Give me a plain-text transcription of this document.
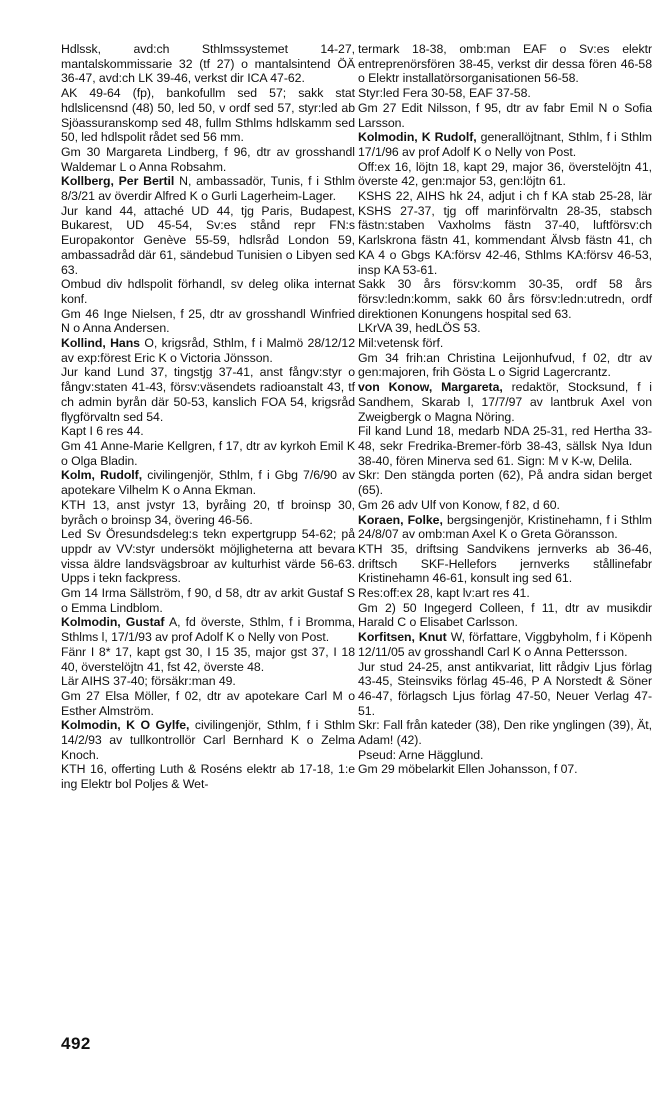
Hdlssk, avd:ch Sthlmssystemet 14-27, mantalskommissarie 32 (tf 27) o mantalsintend ÖÄ 36-47, avd:ch LK 39-46, verkst dir ICA 47-62.

AK 49-64 (fp), bankofullm sed 57; sakk stat hdlslicensnd (48) 50, led 50, v ordf sed 57, styr:led ab Sjöassuranskomp sed 48, fullm Sthlms hdlskamm sed 50, led hdlspolit rådet sed 56 mm.

Gm 30 Margareta Lindberg, f 96, dtr av grosshandl Waldemar L o Anna Robsahm.

Kollberg, Per Bertil N, ambassadör, Tunis, f i Sthlm 8/3/21 av överdir Alfred K o Gurli Lagerheim-Lager.

Jur kand 44, attaché UD 44, tjg Paris, Budapest, Bukarest, UD 45-54, Sv:es stånd repr FN:s Europakontor Genève 55-59, hdlsråd London 59, ambassadråd där 61, sändebud Tunisien o Libyen sed 63.

Ombud div hdlspolit förhandl, sv deleg olika internat konf.

Gm 46 Inge Nielsen, f 25, dtr av grosshandl Winfried N o Anna Andersen.

Kollind, Hans O, krigsråd, Sthlm, f i Malmö 28/12/12 av exp:förest Eric K o Victoria Jönsson.

Jur kand Lund 37, tingstjg 37-41, anst fångv:styr o fångv:staten 41-43, försv:väsendets radioanstalt 43, tf ch admin byrån där 50-53, kanslich FOA 54, krigsråd flygförvaltn sed 54.

Kapt I 6 res 44.

Gm 41 Anne-Marie Kellgren, f 17, dtr av kyrkoh Emil K o Olga Bladin.

Kolm, Rudolf, civilingenjör, Sthlm, f i Gbg 7/6/90 av apotekare Vilhelm K o Anna Ekman.

KTH 13, anst jvstyr 13, byråing 20, tf broinsp 30, byråch o broinsp 34, övering 46-56.

Led Sv Öresundsdeleg:s tekn expertgrupp 54-62; på uppdr av VV:styr undersökt möjligheterna att bevara vissa äldre landsvägsbroar av kulturhist värde 56-63. Upps i tekn fackpress.

Gm 14 Irma Sällström, f 90, d 58, dtr av arkit Gustaf S o Emma Lindblom.

Kolmodin, Gustaf A, fd överste, Sthlm, f i Bromma, Sthlms l, 17/1/93 av prof Adolf K o Nelly von Post.

Fänr I 8* 17, kapt gst 30, I 15 35, major gst 37, I 18 40, överstelöjtn 41, fst 42, överste 48.

Lär AIHS 37-40; försäkr:man 49.

Gm 27 Elsa Möller, f 02, dtr av apotekare Carl M o Esther Almström.

Kolmodin, K O Gylfe, civilingenjör, Sthlm, f i Sthlm 14/2/93 av tullkontrollör Carl Bernhard K o Zelma Knoch.

KTH 16, offerting Luth & Roséns elektr ab 17-18, 1:e ing Elektr bol Poljes & Wet-

termark 18-38, omb:man EAF o Sv:es elektr entreprenörsfören 38-45, verkst dir dessa fören 46-58 o Elektr installatörsorganisationen 56-58.

Styr:led Fera 30-58, EAF 37-58.

Gm 27 Edit Nilsson, f 95, dtr av fabr Emil N o Sofia Larsson.

Kolmodin, K Rudolf, generallöjtnant, Sthlm, f i Sthlm 17/1/96 av prof Adolf K o Nelly von Post.

Off:ex 16, löjtn 18, kapt 29, major 36, överstelöjtn 41, överste 42, gen:major 53, gen:löjtn 61.

KSHS 22, AIHS hk 24, adjut i ch f KA stab 25-28, lär KSHS 27-37, tjg off marinförvaltn 28-35, stabsch fästn:staben Vaxholms fästn 37-40, luftförsv:ch Karlskrona fästn 41, kommendant Älvsb fästn 41, ch KA 4 o Gbgs KA:försv 42-46, Sthlms KA:försv 46-53, insp KA 53-61.

Sakk 30 års försv:komm 30-35, ordf 58 års försv:ledn:komm, sakk 60 års försv:ledn:utredn, ordf direktionen Konungens hospital sed 63.

LKrVA 39, hedLÖS 53.

Mil:vetensk förf.

Gm 34 frih:an Christina Leijonhufvud, f 02, dtr av gen:majoren, frih Gösta L o Sigrid Lagercrantz.

von Konow, Margareta, redaktör, Stocksund, f i Sandhem, Skarab l, 17/7/97 av lantbruk Axel von Zweigbergk o Magna Nöring.

Fil kand Lund 18, medarb NDA 25-31, red Hertha 33-48, sekr Fredrika-Bremer-förb 38-43, sällsk Nya Idun 38-40, fören Minerva sed 61. Sign: M v K-w, Delila.

Skr: Den stängda porten (62), På andra sidan berget (65).

Gm 26 adv Ulf von Konow, f 82, d 60.

Koraen, Folke, bergsingenjör, Kristinehamn, f i Sthlm 24/8/07 av omb:man Axel K o Greta Göransson.

KTH 35, driftsing Sandvikens jernverks ab 36-46, driftsch SKF-Hellefors jernverks stållinefabr Kristinehamn 46-61, konsult ing sed 61.

Res:off:ex 28, kapt lv:art res 41.

Gm 2) 50 Ingegerd Colleen, f 11, dtr av musikdir Harald C o Elisabet Carlsson.

Korfitsen, Knut W, författare, Viggbyholm, f i Köpenh 12/11/05 av grosshandl Carl K o Anna Pettersson.

Jur stud 24-25, anst antikvariat, litt rådgiv Ljus förlag 43-45, Steinsviks förlag 45-46, P A Norstedt & Söner 46-47, förlagsch Ljus förlag 47-50, Neuer Verlag 47-51.

Skr: Fall från kateder (38), Den rike ynglingen (39), Ät, Adam! (42).

Pseud: Arne Hägglund.

Gm 29 möbelarkit Ellen Johansson, f 07.

492
